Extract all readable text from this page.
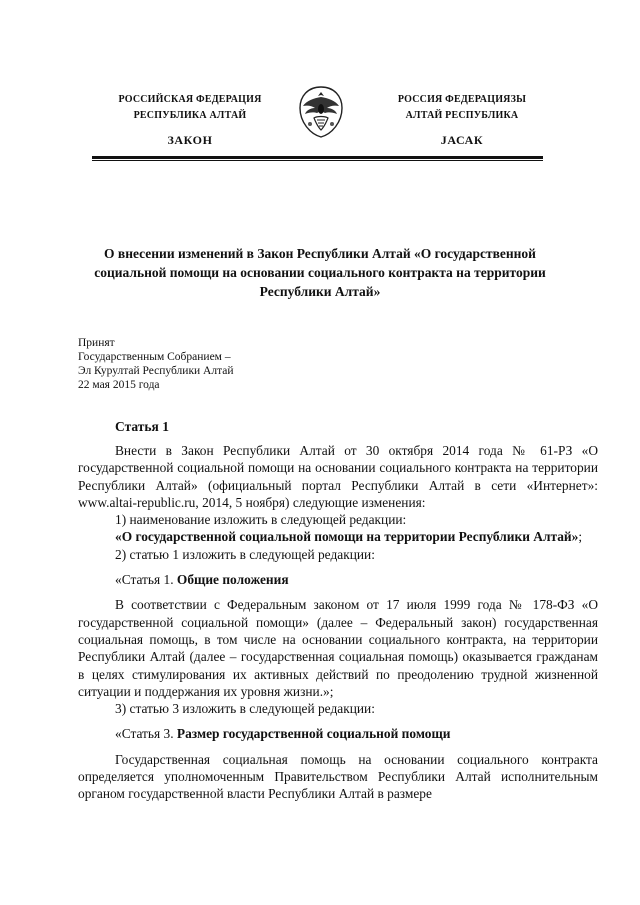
РОССИЙСКАЯ ФЕДЕРАЦИЯ
РЕСПУБЛИКА АЛТАЙ
ЗАКОН
РОССИЯ ФЕДЕРАЦИЯЗЫ
АЛТАЙ РЕСПУБЛИКА
JАСАК
О внесении изменений в Закон Республики Алтай «О государственной
социальной помощи на основании социального контракта на территории
Республики Алтай»
Принят
Государственным Собранием –
Эл Курултай Республики Алтай
22 мая 2015 года
Статья 1

Внести в Закон Республики Алтай от 30 октября 2014 года № 61-РЗ «О государственной социальной помощи на основании социального контракта на территории Республики Алтай» (официальный портал Республики Алтай в сети «Интернет»: www.altai-republic.ru, 2014, 5 ноября) следующие изменения:

1) наименование изложить в следующей редакции:

«О государственной социальной помощи на территории Республики Алтай»;

2) статью 1 изложить в следующей редакции:

«Статья 1. Общие положения

В соответствии с Федеральным законом от 17 июля 1999 года № 178-ФЗ «О государственной социальной помощи» (далее – Федеральный закон) государственная социальная помощь, в том числе на основании социального контракта, на территории Республики Алтай (далее – государственная социальная помощь) оказывается гражданам в целях стимулирования их активных действий по преодолению трудной жизненной ситуации и поддержания их уровня жизни.»;

3) статью 3 изложить в следующей редакции:

«Статья 3. Размер государственной социальной помощи

Государственная социальная помощь на основании социального контракта определяется уполномоченным Правительством Республики Алтай исполнительным органом государственной власти Республики Алтай в размере
